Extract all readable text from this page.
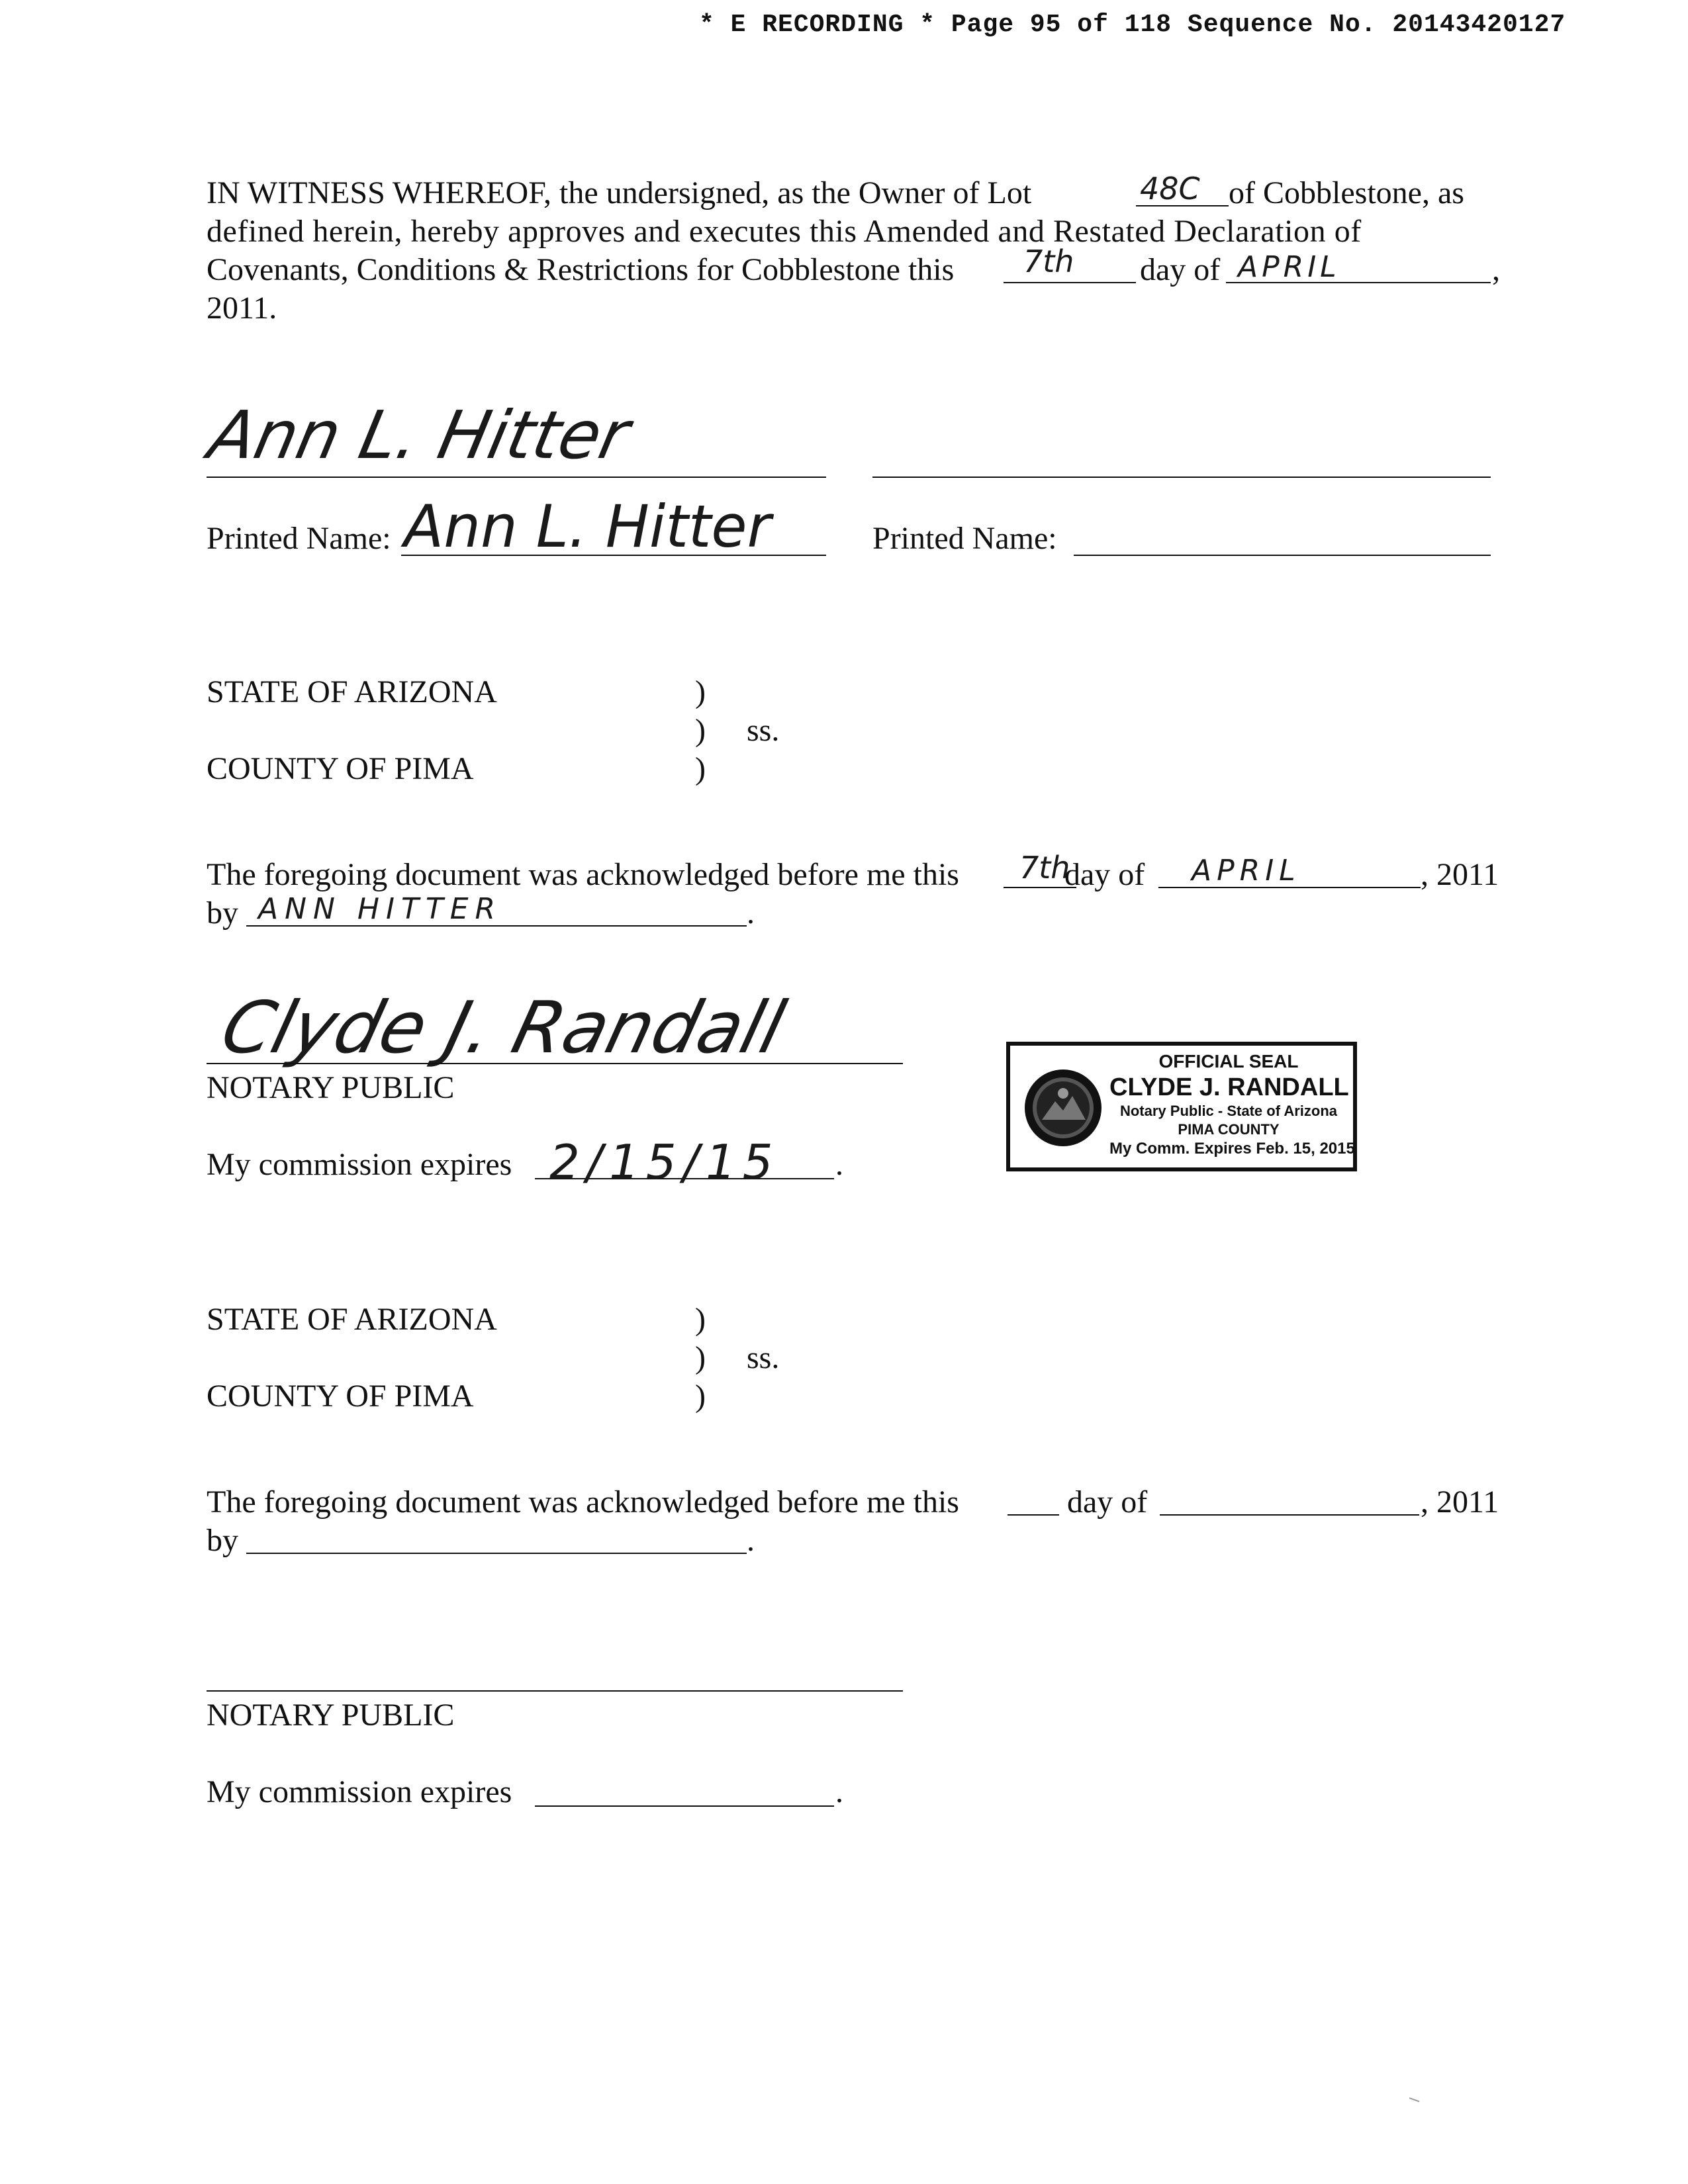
* E RECORDING * Page 95 of 118 Sequence No. 20143420127
IN WITNESS WHEREOF, the undersigned, as the Owner of Lot	48C of Cobblestone, as
defined herein, hereby approves and executes this Amended and Restated Declaration of
Covenants, Conditions & Restrictions for Cobblestone this 7th day of APRIL	,
2011.
Ann L. Hitter
Printed Name: Ann L. Hitter	Printed Name:
STATE OF ARIZONA	)
) ss.
COUNTY OF PIMA	)
The foregoing document was acknowledged before me this 7th
day of APRIL	, 2011
by ANN HITTER	.
Clyde J. Randall
NOTARY PUBLIC
My commission expires 2/15/15 .
OFFICIAL SEAL
CLYDE J. RANDALL
Notary Public - State of Arizona
PIMA COUNTY
My Comm. Expires Feb. 15, 2015
STATE OF ARIZONA	)
) ss.
COUNTY OF PIMA	)
The foregoing document was acknowledged before me this	day of	, 2011
by	.
NOTARY PUBLIC
My commission expires	.
